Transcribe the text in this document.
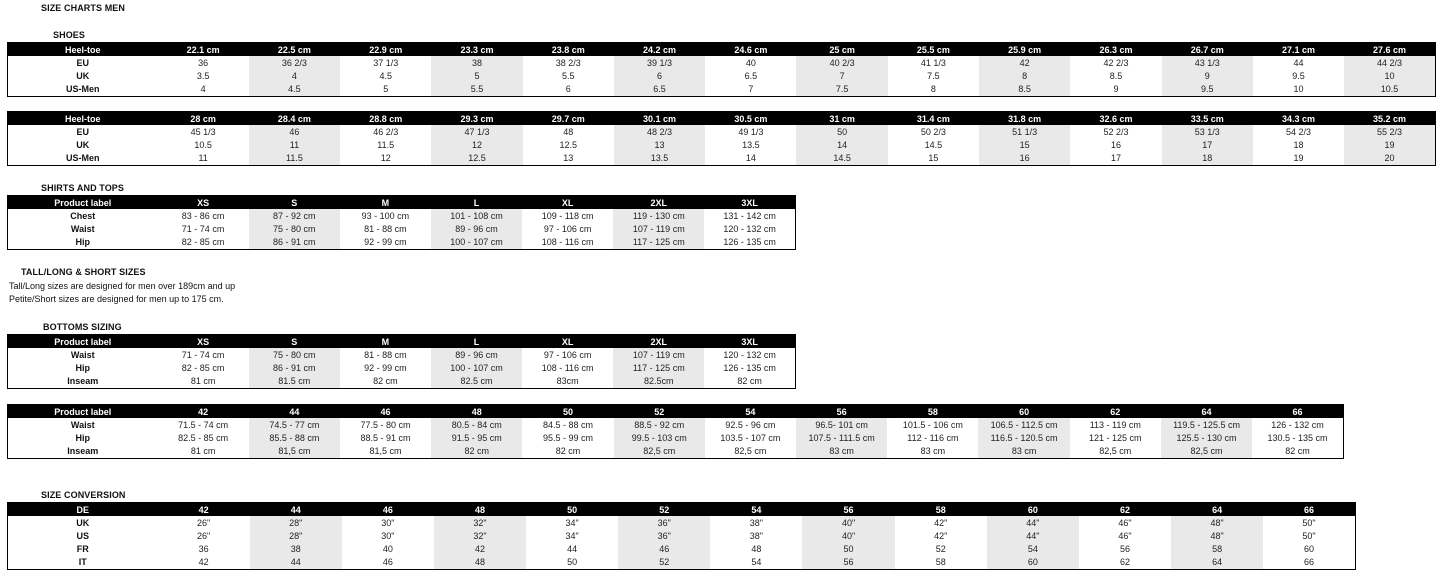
SIZE CHARTS MEN
SHOES
Heel-toe	22.1 cm	22.5 cm	22.9 cm	23.3 cm	23.8 cm	24.2 cm	24.6 cm	25 cm	25.5 cm	25.9 cm	26.3 cm	26.7 cm	27.1 cm	27.6 cm
EU	36	36 2/3	37 1/3	38	38 2/3	39 1/3	40	40 2/3	41 1/3	42	42 2/3	43 1/3	44	44 2/3
UK	3.5	4	4.5	5	5.5	6	6.5	7	7.5	8	8.5	9	9.5	10
US-Men	4	4.5	5	5.5	6	6.5	7	7.5	8	8.5	9	9.5	10	10.5
Heel-toe	28 cm	28.4 cm	28.8 cm	29.3 cm	29.7 cm	30.1 cm	30.5 cm	31 cm	31.4 cm	31.8 cm	32.6 cm	33.5 cm	34.3 cm	35.2 cm
EU	45 1/3	46	46 2/3	47 1/3	48	48 2/3	49 1/3	50	50 2/3	51 1/3	52 2/3	53 1/3	54 2/3	55 2/3
UK	10.5	11	11.5	12	12.5	13	13.5	14	14.5	15	16	17	18	19
US-Men	11	11.5	12	12.5	13	13.5	14	14.5	15	16	17	18	19	20
SHIRTS AND TOPS
Product label	XS	S	M	L	XL	2XL	3XL
Chest	83 - 86 cm	87 - 92 cm	93 - 100 cm	101 - 108 cm	109 - 118 cm	119 - 130 cm	131 - 142 cm
Waist	71 - 74 cm	75 - 80 cm	81 - 88 cm	89 - 96 cm	97 - 106 cm	107 - 119 cm	120 - 132 cm
Hip	82 - 85 cm	86 - 91 cm	92 - 99 cm	100 - 107 cm	108 - 116 cm	117 - 125 cm	126 - 135 cm
TALL/LONG & SHORT SIZES
Tall/Long sizes are designed for men over 189cm and up
Petite/Short sizes are designed for men up to 175 cm.
BOTTOMS SIZING
Product label	XS	S	M	L	XL	2XL	3XL
Waist	71 - 74 cm	75 - 80 cm	81 - 88 cm	89 - 96 cm	97 - 106 cm	107 - 119 cm	120 - 132 cm
Hip	82 - 85 cm	86 - 91 cm	92 - 99 cm	100 - 107 cm	108 - 116 cm	117 - 125 cm	126 - 135 cm
Inseam	81 cm	81.5 cm	82 cm	82.5 cm	83cm	82.5cm	82 cm
Product label	42	44	46	48	50	52	54	56	58	60	62	64	66
Waist	71.5 - 74 cm	74.5 - 77 cm	77.5 - 80 cm	80.5 - 84 cm	84.5 - 88 cm	88.5 - 92 cm	92.5 - 96 cm	96.5- 101 cm	101.5 - 106 cm	106.5 - 112.5 cm	113 - 119 cm	119.5 - 125.5 cm	126 - 132 cm
Hip	82.5 - 85 cm	85.5 - 88 cm	88.5 - 91 cm	91.5 - 95 cm	95.5 - 99 cm	99.5 - 103 cm	103.5 - 107 cm	107.5 - 111.5 cm	112 - 116 cm	116.5 - 120.5 cm	121 - 125 cm	125.5 - 130 cm	130.5 - 135 cm
Inseam	81 cm	81,5 cm	81,5 cm	82 cm	82 cm	82,5 cm	82,5 cm	83 cm	83 cm	83 cm	82,5 cm	82,5 cm	82 cm
SIZE CONVERSION
DE	42	44	46	48	50	52	54	56	58	60	62	64	66
UK	26"	28"	30"	32"	34"	36"	38"	40"	42"	44"	46"	48"	50"
US	26"	28"	30"	32"	34"	36"	38"	40"	42"	44"	46"	48"	50"
FR	36	38	40	42	44	46	48	50	52	54	56	58	60
IT	42	44	46	48	50	52	54	56	58	60	62	64	66
